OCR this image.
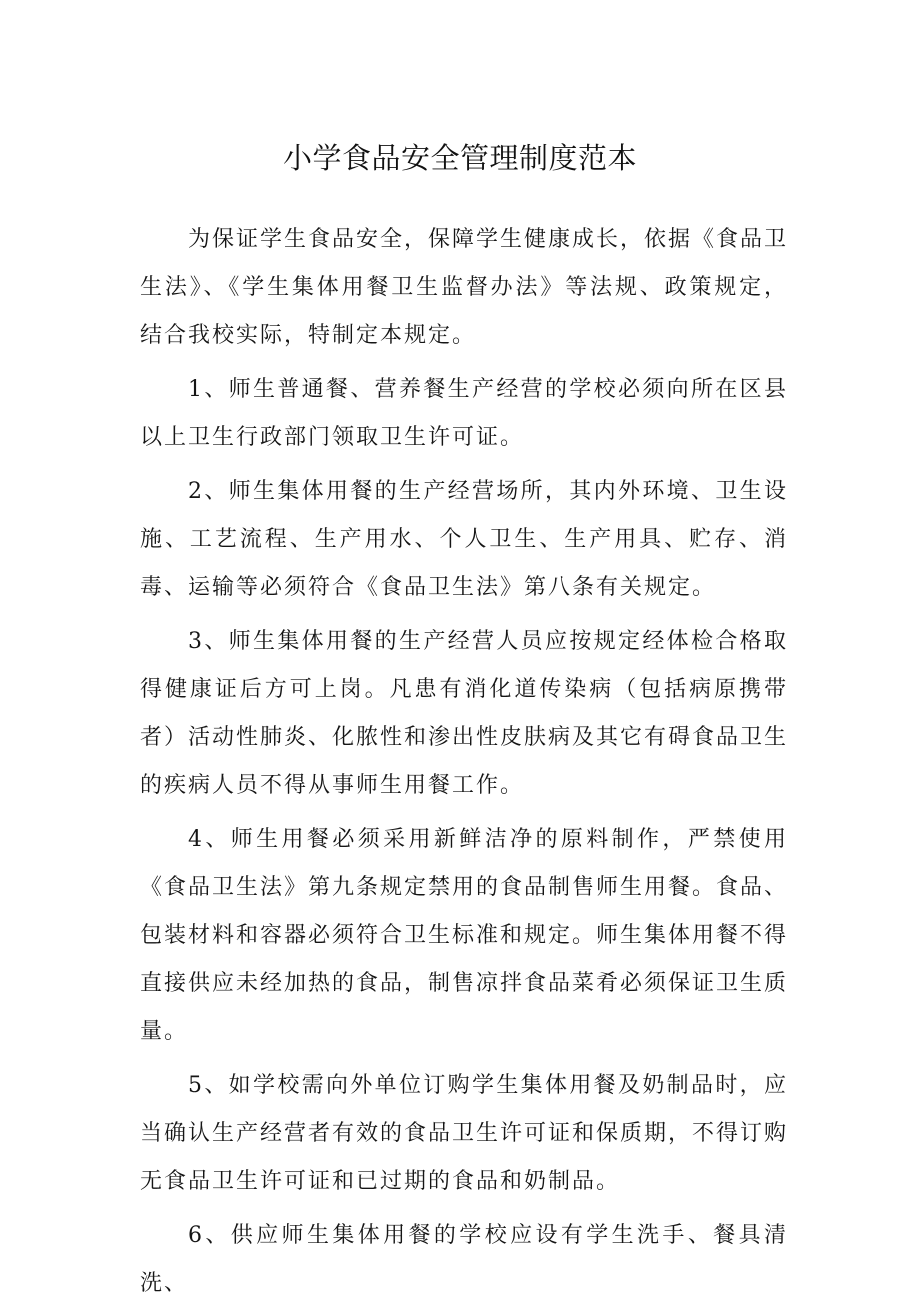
小学食品安全管理制度范本

为保证学生食品安全，保障学生健康成长，依据《食品卫生法》、《学生集体用餐卫生监督办法》等法规、政策规定，结合我校实际，特制定本规定。

1、师生普通餐、营养餐生产经营的学校必须向所在区县以上卫生行政部门领取卫生许可证。

2、师生集体用餐的生产经营场所，其内外环境、卫生设施、工艺流程、生产用水、个人卫生、生产用具、贮存、消毒、运输等必须符合《食品卫生法》第八条有关规定。

3、师生集体用餐的生产经营人员应按规定经体检合格取得健康证后方可上岗。凡患有消化道传染病（包括病原携带者）活动性肺炎、化脓性和渗出性皮肤病及其它有碍食品卫生的疾病人员不得从事师生用餐工作。

4、师生用餐必须采用新鲜洁净的原料制作，严禁使用《食品卫生法》第九条规定禁用的食品制售师生用餐。食品、包装材料和容器必须符合卫生标准和规定。师生集体用餐不得直接供应未经加热的食品，制售凉拌食品菜肴必须保证卫生质量。

5、如学校需向外单位订购学生集体用餐及奶制品时，应当确认生产经营者有效的食品卫生许可证和保质期，不得订购无食品卫生许可证和已过期的食品和奶制品。

6、供应师生集体用餐的学校应设有学生洗手、餐具清洗、
